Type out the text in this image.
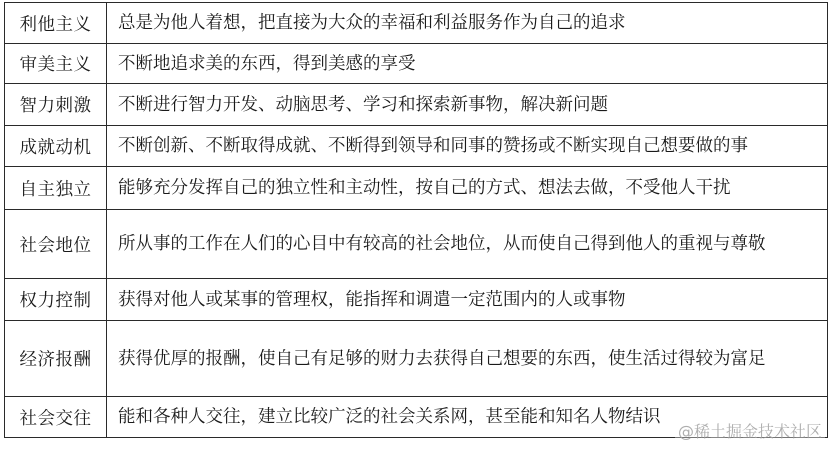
利他主义	总是为他人着想，把直接为大众的幸福和利益服务作为自己的追求
审美主义	不断地追求美的东西，得到美感的享受
智力刺激	不断进行智力开发、动脑思考、学习和探索新事物，解决新问题
成就动机	不断创新、不断取得成就、不断得到领导和同事的赞扬或不断实现自己想要做的事
自主独立	能够充分发挥自己的独立性和主动性，按自己的方式、想法去做，不受他人干扰
社会地位	所从事的工作在人们的心目中有较高的社会地位，从而使自己得到他人的重视与尊敬
权力控制	获得对他人或某事的管理权，能指挥和调遣一定范围内的人或事物
经济报酬	获得优厚的报酬，使自己有足够的财力去获得自己想要的东西，使生活过得较为富足
社会交往	能和各种人交往，建立比较广泛的社会关系网，甚至能和知名人物结识
@稀土掘金技术社区
